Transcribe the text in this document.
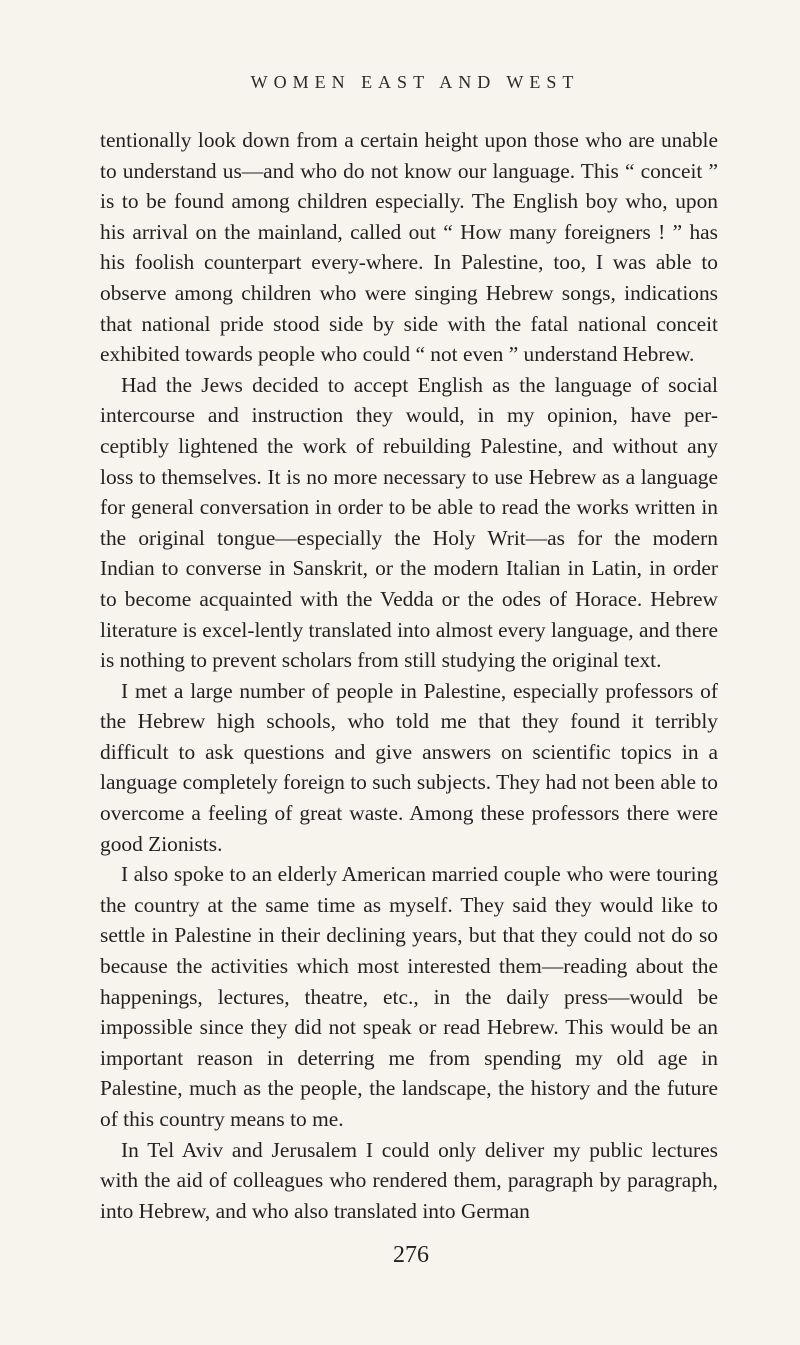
WOMEN EAST AND WEST

tentionally look down from a certain height upon those who are unable to understand us—and who do not know our language. This “ conceit ” is to be found among children especially. The English boy who, upon his arrival on the mainland, called out “ How many foreigners ! ” has his foolish counterpart every-where. In Palestine, too, I was able to observe among children who were singing Hebrew songs, indications that national pride stood side by side with the fatal national conceit exhibited towards people who could “ not even ” understand Hebrew.

Had the Jews decided to accept English as the language of social intercourse and instruction they would, in my opinion, have per-ceptibly lightened the work of rebuilding Palestine, and without any loss to themselves. It is no more necessary to use Hebrew as a language for general conversation in order to be able to read the works written in the original tongue—especially the Holy Writ—as for the modern Indian to converse in Sanskrit, or the modern Italian in Latin, in order to become acquainted with the Vedda or the odes of Horace. Hebrew literature is excel-lently translated into almost every language, and there is nothing to prevent scholars from still studying the original text.

I met a large number of people in Palestine, especially professors of the Hebrew high schools, who told me that they found it terribly difficult to ask questions and give answers on scientific topics in a language completely foreign to such subjects. They had not been able to overcome a feeling of great waste. Among these professors there were good Zionists.

I also spoke to an elderly American married couple who were touring the country at the same time as myself. They said they would like to settle in Palestine in their declining years, but that they could not do so because the activities which most interested them—reading about the happenings, lectures, theatre, etc., in the daily press—would be impossible since they did not speak or read Hebrew. This would be an important reason in deterring me from spending my old age in Palestine, much as the people, the landscape, the history and the future of this country means to me.

In Tel Aviv and Jerusalem I could only deliver my public lectures with the aid of colleagues who rendered them, paragraph by paragraph, into Hebrew, and who also translated into German

276
